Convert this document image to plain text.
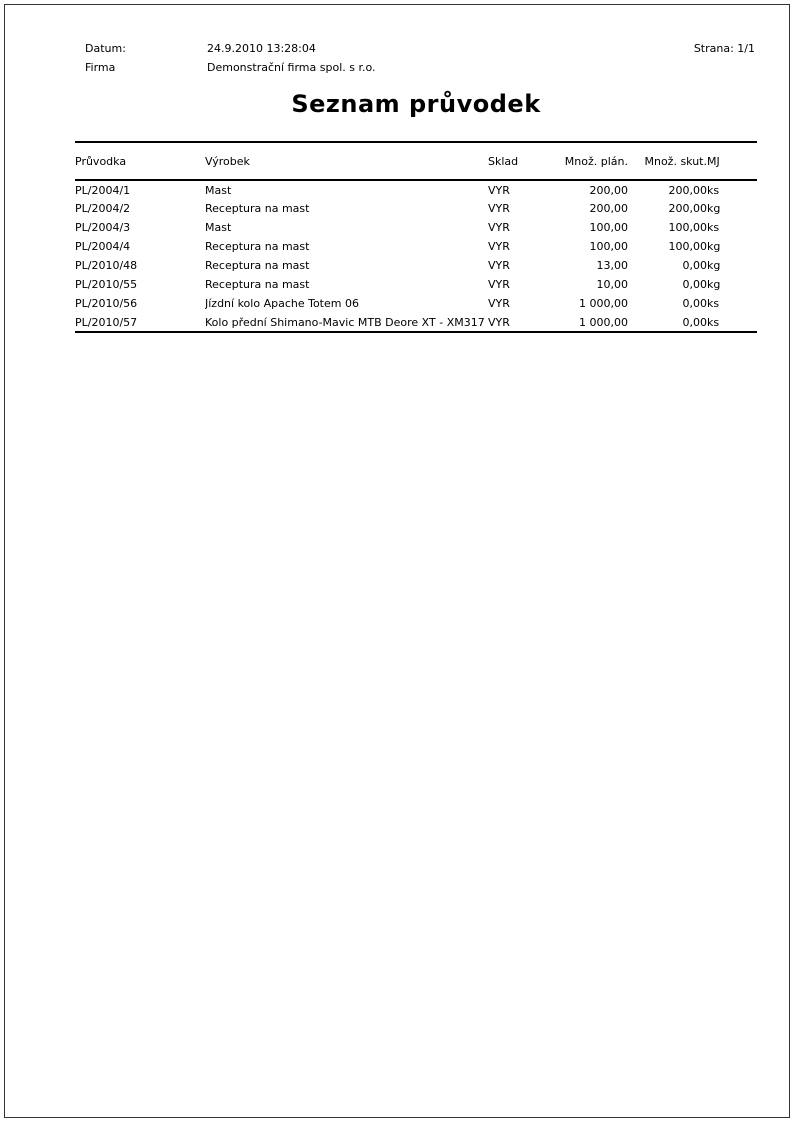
Datum:	24.9.2010 13:28:04
Firma	Demonstrační firma spol. s r.o.
Strana: 1/1
Seznam průvodek
Průvodka	Výrobek	Sklad	Množ. plán.	Množ. skut.	MJ
PL/2004/1	Mast	VYR	200,00	200,00	ks
PL/2004/2	Receptura na mast	VYR	200,00	200,00	kg
PL/2004/3	Mast	VYR	100,00	100,00	ks
PL/2004/4	Receptura na mast	VYR	100,00	100,00	kg
PL/2010/48	Receptura na mast	VYR	13,00	0,00	kg
PL/2010/55	Receptura na mast	VYR	10,00	0,00	kg
PL/2010/56	Jízdní kolo Apache Totem 06	VYR	1 000,00	0,00	ks
PL/2010/57	Kolo přední Shimano-Mavic MTB Deore XT - XM317	VYR	1 000,00	0,00	ks
